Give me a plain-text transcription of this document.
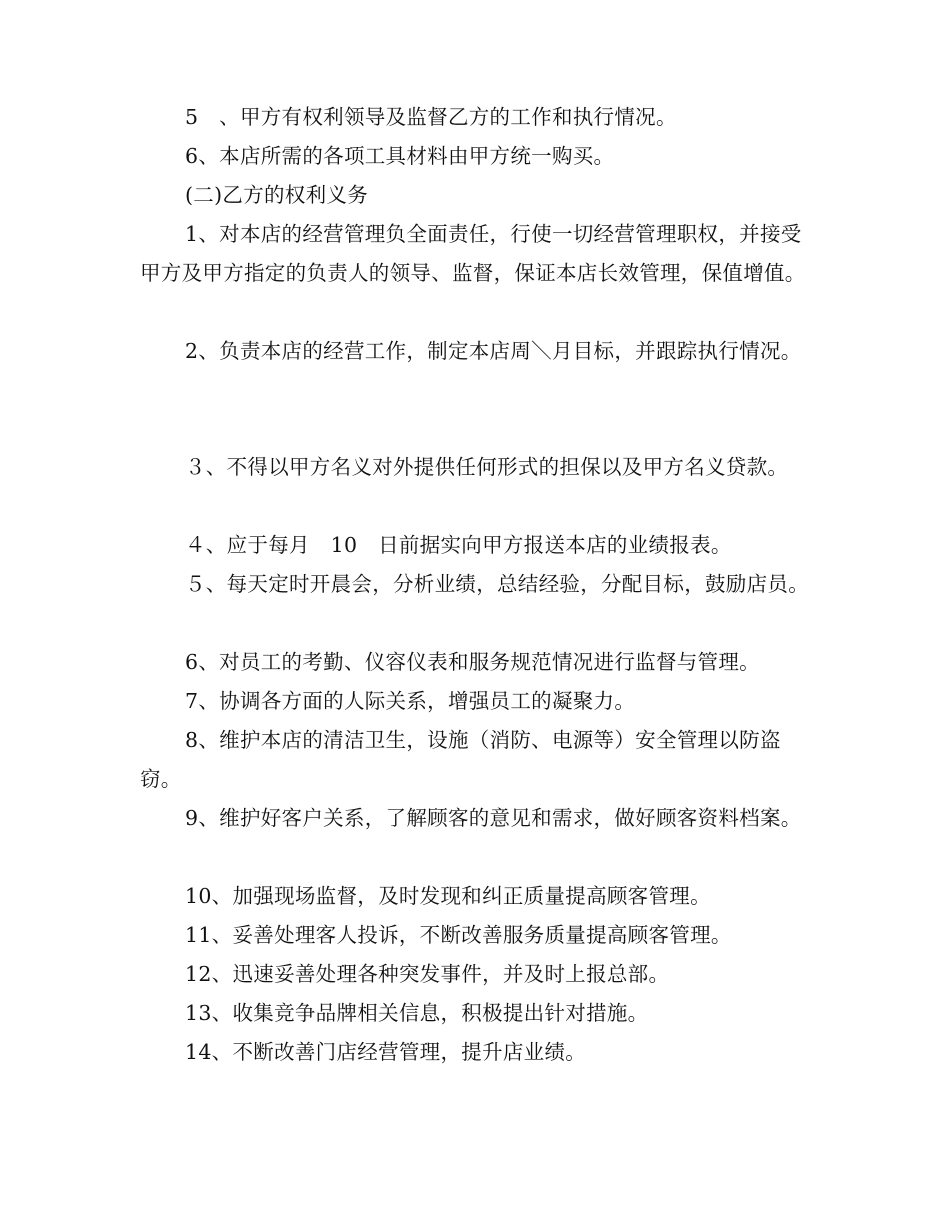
5　、甲方有权利领导及监督乙方的工作和执行情况。

6、本店所需的各项工具材料由甲方统一购买。

(二)乙方的权利义务

1、对本店的经营管理负全面责任，行使一切经营管理职权，并接受甲方及甲方指定的负责人的领导、监督，保证本店长效管理，保值增值。

2、负责本店的经营工作，制定本店周＼月目标，并跟踪执行情况。

３、不得以甲方名义对外提供任何形式的担保以及甲方名义贷款。

４、应于每月　10　日前据实向甲方报送本店的业绩报表。

５、每天定时开晨会，分析业绩，总结经验，分配目标，鼓励店员。

6、对员工的考勤、仪容仪表和服务规范情况进行监督与管理。

7、协调各方面的人际关系，增强员工的凝聚力。

8、维护本店的清洁卫生，设施（消防、电源等）安全管理以防盗窃。

9、维护好客户关系，了解顾客的意见和需求，做好顾客资料档案。

10、加强现场监督，及时发现和纠正质量提高顾客管理。

11、妥善处理客人投诉，不断改善服务质量提高顾客管理。

12、迅速妥善处理各种突发事件，并及时上报总部。

13、收集竞争品牌相关信息，积极提出针对措施。

14、不断改善门店经营管理，提升店业绩。
